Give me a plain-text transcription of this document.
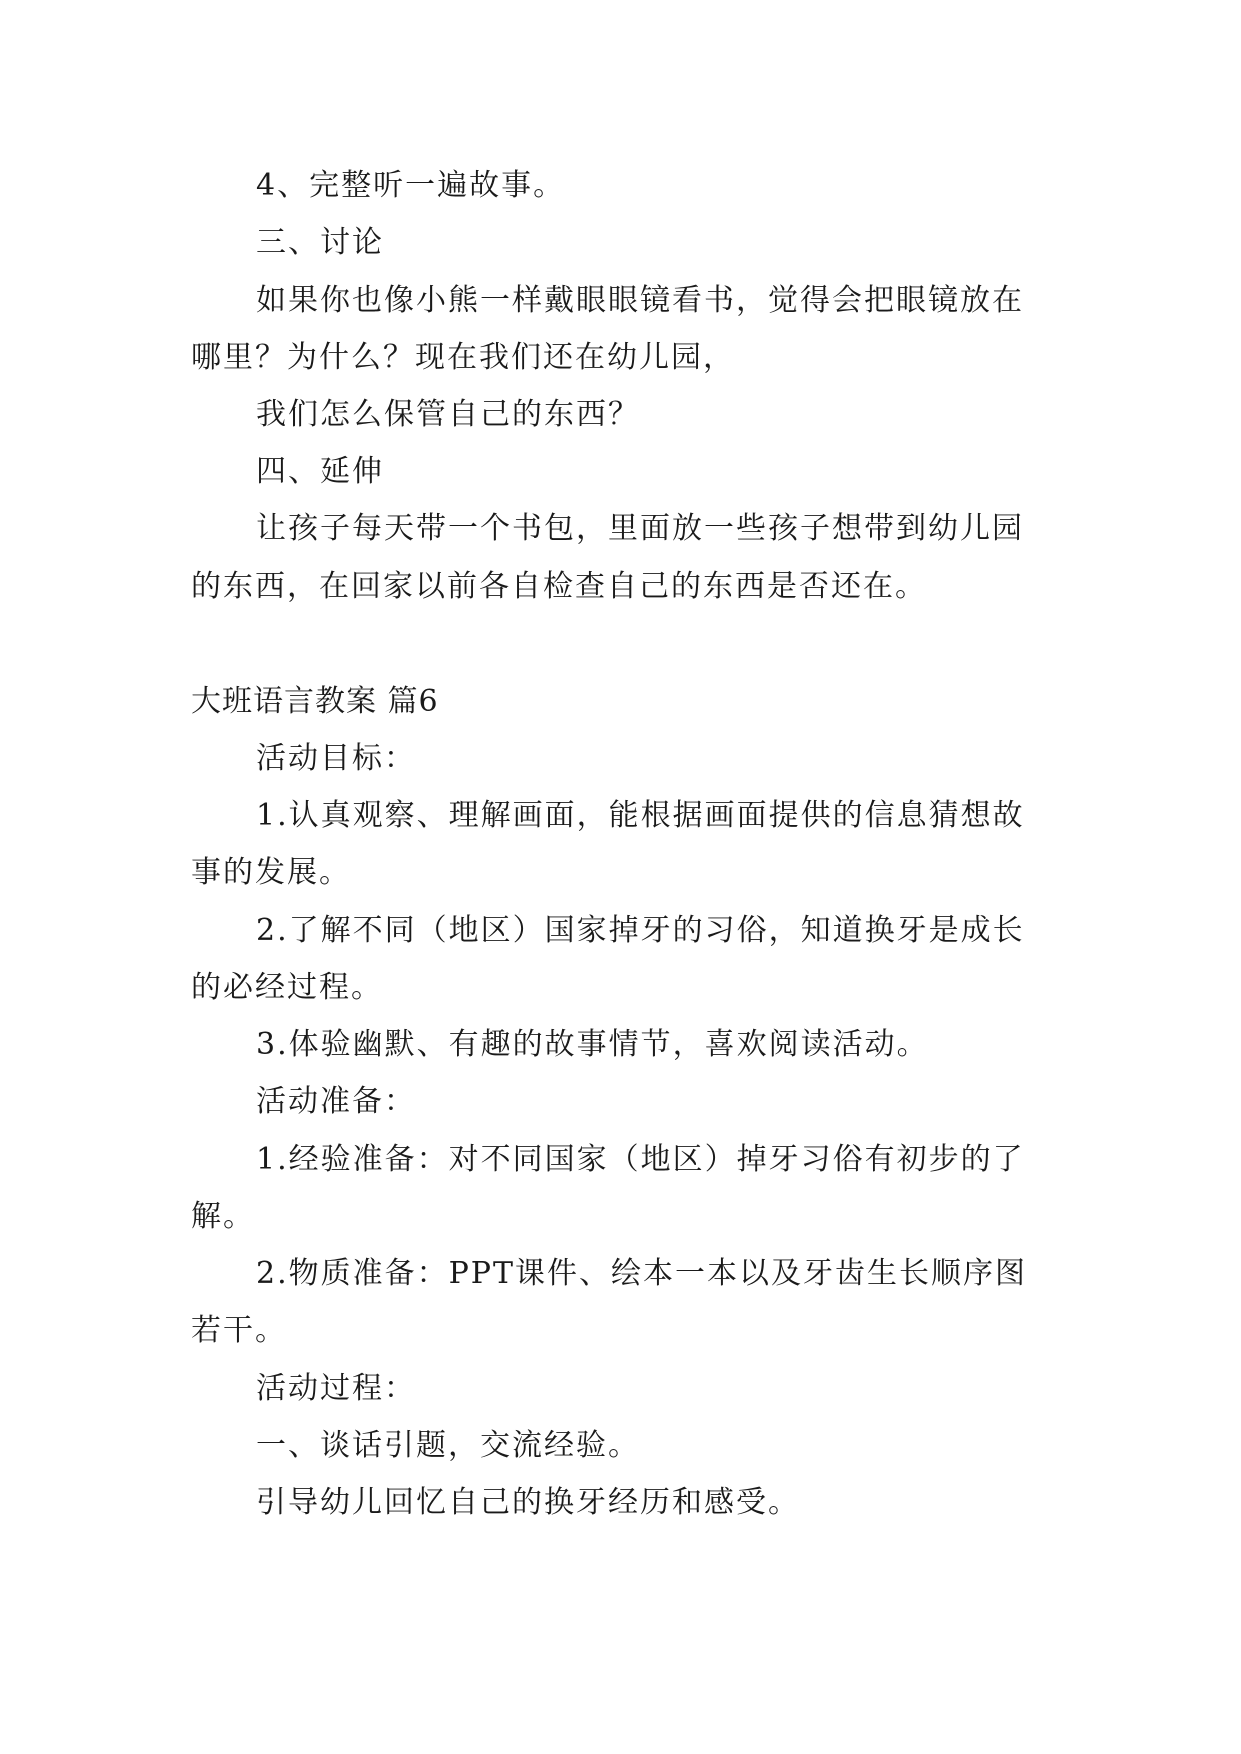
4、完整听一遍故事。
三、讨论
如果你也像小熊一样戴眼眼镜看书，觉得会把眼镜放在
哪里？为什么？现在我们还在幼儿园，
我们怎么保管自己的东西？
四、延伸
让孩子每天带一个书包，里面放一些孩子想带到幼儿园
的东西，在回家以前各自检查自己的东西是否还在。
大班语言教案 篇6
活动目标：
1.认真观察、理解画面，能根据画面提供的信息猜想故
事的发展。
2.了解不同（地区）国家掉牙的习俗，知道换牙是成长
的必经过程。
3.体验幽默、有趣的故事情节，喜欢阅读活动。
活动准备：
1.经验准备：对不同国家（地区）掉牙习俗有初步的了
解。
2.物质准备：PPT课件、绘本一本以及牙齿生长顺序图
若干。
活动过程：
一、谈话引题，交流经验。
引导幼儿回忆自己的换牙经历和感受。
